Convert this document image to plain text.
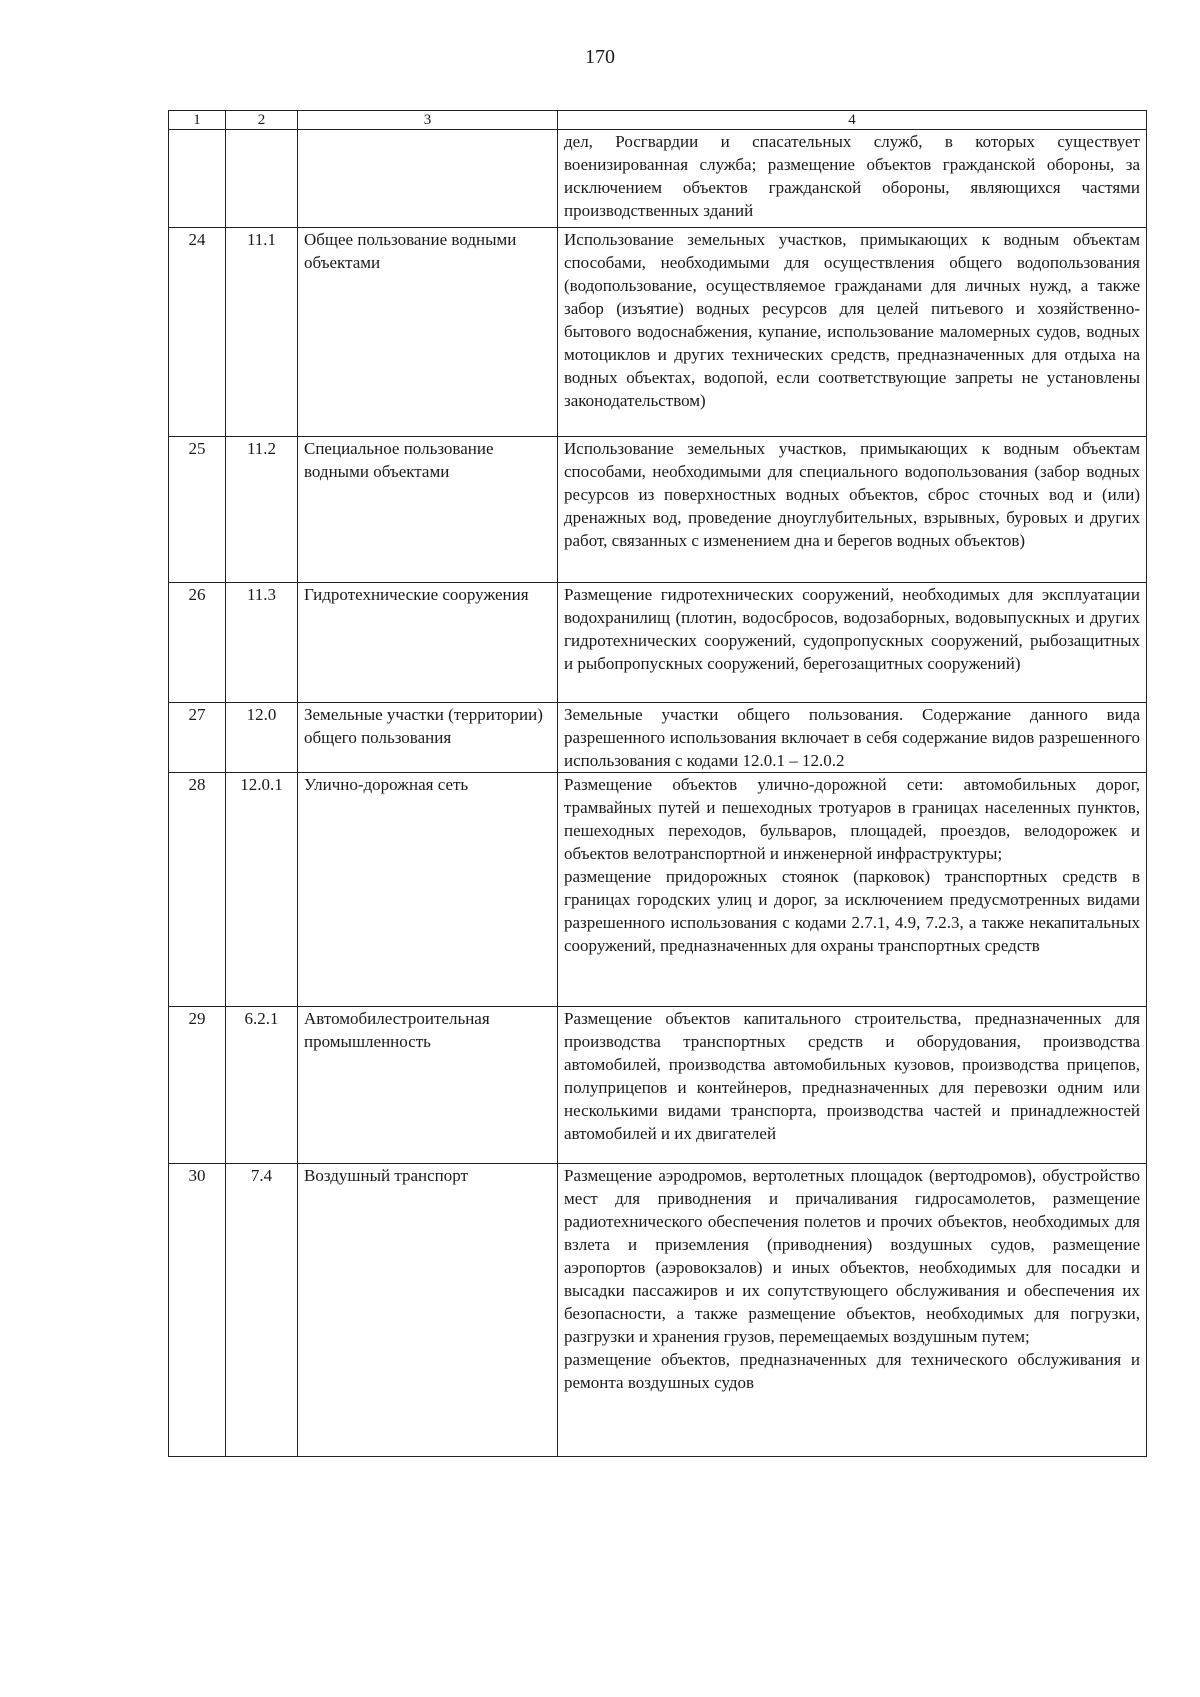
170
1	2	3	4

			дел, Росгвардии и спасательных служб, в которых существует военизированная служба; размещение объектов гражданской обороны, за исключением объектов гражданской обороны, являющихся частями производственных зданий

24	11.1	Общее пользование водными объектами	Использование земельных участков, примыкающих к водным объектам способами, необходимыми для осуществления общего водопользования (водопользование, осуществляемое гражданами для личных нужд, а также забор (изъятие) водных ресурсов для целей питьевого и хозяйственно-бытового водоснабжения, купание, использование маломерных судов, водных мотоциклов и других технических средств, предназначенных для отдыха на водных объектах, водопой, если соответствующие запреты не установлены законодательством)

25	11.2	Специальное пользование водными объектами	Использование земельных участков, примыкающих к водным объектам способами, необходимыми для специального водопользования (забор водных ресурсов из поверхностных водных объектов, сброс сточных вод и (или) дренажных вод, проведение дноуглубительных, взрывных, буровых и других работ, связанных с изменением дна и берегов водных объектов)

26	11.3	Гидротехнические сооружения	Размещение гидротехнических сооружений, необходимых для эксплуатации водохранилищ (плотин, водосбросов, водозаборных, водовыпускных и других гидротехнических сооружений, судопропускных сооружений, рыбозащитных и рыбопропускных сооружений, берегозащитных сооружений)

27	12.0	Земельные участки (территории) общего пользования	Земельные участки общего пользования. Содержание данного вида разрешенного использования включает в себя содержание видов разрешенного использования с кодами 12.0.1 – 12.0.2

28	12.0.1	Улично-дорожная сеть	Размещение объектов улично-дорожной сети: автомобильных дорог, трамвайных путей и пешеходных тротуаров в границах населенных пунктов, пешеходных переходов, бульваров, площадей, проездов, велодорожек и объектов велотранспортной и инженерной инфраструктуры;

размещение придорожных стоянок (парковок) транспортных средств в границах городских улиц и дорог, за исключением предусмотренных видами разрешенного использования с кодами 2.7.1, 4.9, 7.2.3, а также некапитальных сооружений, предназначенных для охраны транспортных средств

29	6.2.1	Автомобилестроительная промышленность	Размещение объектов капитального строительства, предназначенных для производства транспортных средств и оборудования, производства автомобилей, производства автомобильных кузовов, производства прицепов, полуприцепов и контейнеров, предназначенных для перевозки одним или несколькими видами транспорта, производства частей и принадлежностей автомобилей и их двигателей

30	7.4	Воздушный транспорт	Размещение аэродромов, вертолетных площадок (вертодромов), обустройство мест для приводнения и причаливания гидросамолетов, размещение радиотехнического обеспечения полетов и прочих объектов, необходимых для взлета и приземления (приводнения) воздушных судов, размещение аэропортов (аэровокзалов) и иных объектов, необходимых для посадки и высадки пассажиров и их сопутствующего обслуживания и обеспечения их безопасности, а также размещение объектов, необходимых для погрузки, разгрузки и хранения грузов, перемещаемых воздушным путем;

размещение объектов, предназначенных для технического обслуживания и ремонта воздушных судов
